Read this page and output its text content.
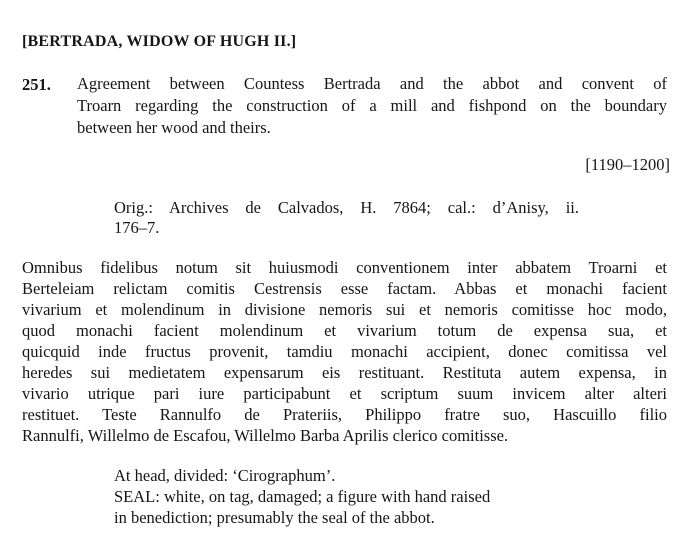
[BERTRADA, WIDOW OF HUGH II.]
251. Agreement between Countess Bertrada and the abbot and convent of
Troarn regarding the construction of a mill and fishpond on the boundary
between her wood and theirs.
[1190–1200]
Orig.: Archives de Calvados, H. 7864; cal.: d’Anisy, ii.
176–7.
Omnibus fidelibus notum sit huiusmodi conventionem inter abbatem Troarni et
Berteleiam relictam comitis Cestrensis esse factam. Abbas et monachi facient
vivarium et molendinum in divisione nemoris sui et nemoris comitisse hoc modo,
quod monachi facient molendinum et vivarium totum de expensa sua, et
quicquid inde fructus provenit, tamdiu monachi accipient, donec comitissa vel
heredes sui medietatem expensarum eis restituant. Restituta autem expensa, in
vivario utrique pari iure participabunt et scriptum suum invicem alter alteri
restituet. Teste Rannulfo de Prateriis, Philippo fratre suo, Hascuillo filio
Rannulfi, Willelmo de Escafou, Willelmo Barba Aprilis clerico comitisse.
At head, divided: ‘Cirographum’.
SEAL: white, on tag, damaged; a figure with hand raised
in benediction; presumably the seal of the abbot.
